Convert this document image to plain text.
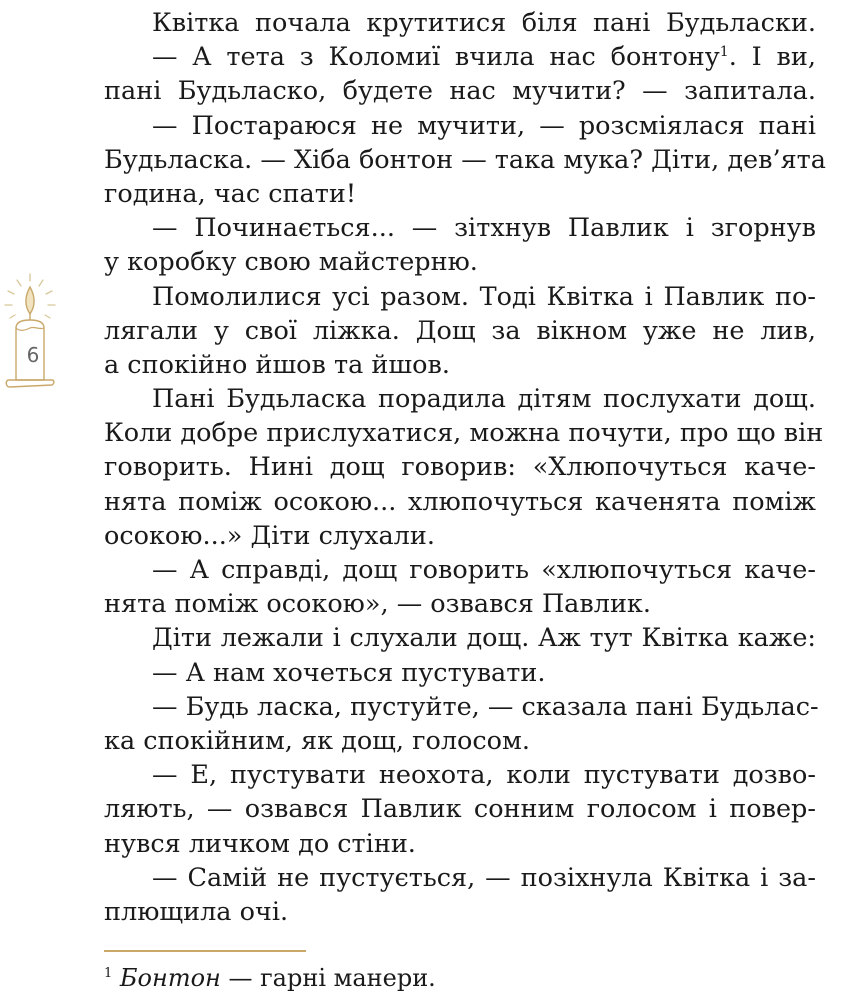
Квітка почала крутитися біля пані Будьласки.
— А тета з Коломиї вчила нас бонтону$^1$. І ви,
пані Будьласко, будете нас мучити? — запитала.
— Постараюся не мучити, — розсміялася пані
Будьласка. — Хіба бонтон — така мука? Діти, дев’ята
година, час спати!
— Починається... — зітхнув Павлик і згорнув
у коробку свою майстерню.
Помолилися усі разом. Тоді Квітка і Павлик по-
лягали у свої ліжка. Дощ за вікном уже не лив,
а спокійно йшов та йшов.
Пані Будьласка порадила дітям послухати дощ.
Коли добре прислухатися, можна почути, про що він
говорить. Нині дощ говорив: «Хлюпочуться каче-
нята поміж осокою... хлюпочуться каченята поміж
осокою...» Діти слухали.
— А справді, дощ говорить «хлюпочуться каче-
нята поміж осокою», — озвався Павлик.
Діти лежали і слухали дощ. Аж тут Квітка каже:
— А нам хочеться пустувати.
— Будь ласка, пустуйте, — сказала пані Будьлас-
ка спокійним, як дощ, голосом.
— Е, пустувати неохота, коли пустувати дозво-
ляють, — озвався Павлик сонним голосом і повер-
нувся личком до стіни.
— Самій не пустується, — позіхнула Квітка і за-
плющила очі.
6
$^1$ Бонтон — гарні манери.
